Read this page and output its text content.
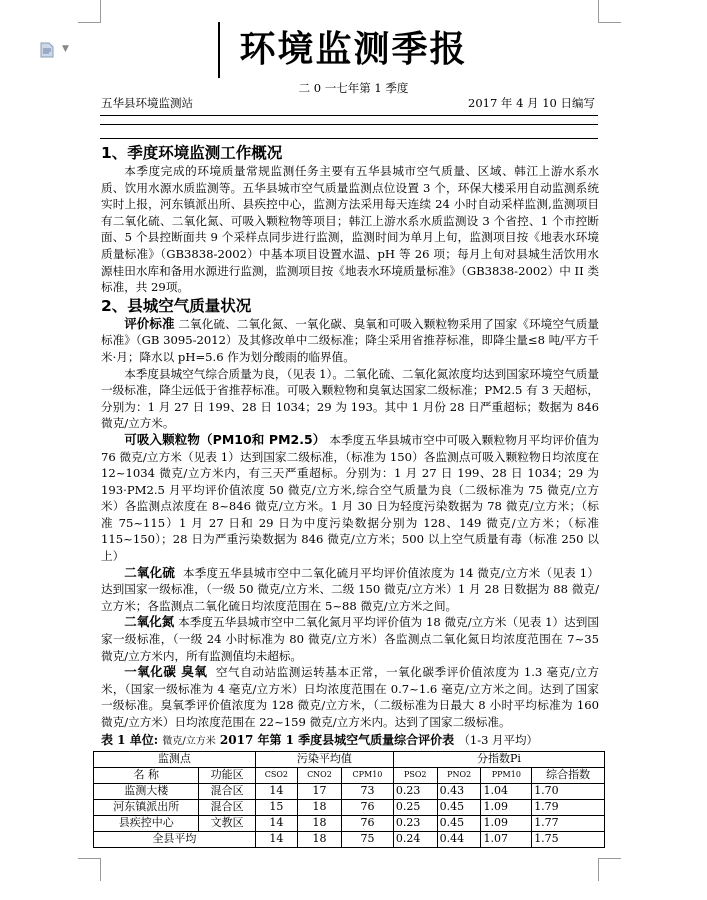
▼	环境监测季报
二 0 一七年第 1 季度
五华县环境监测站	2017 年 4 月 10 日编写
1、季度环境监测工作概况

本季度完成的环境质量常规监测任务主要有五华县城市空气质量、区域、韩江上游水系水质、饮用水源水质监测等。五华县城市空气质量监测点位设置 3 个，环保大楼采用自动监测系统实时上报，河东镇派出所、县疾控中心，监测方法采用每天连续 24 小时自动采样监测,监测项目有二氧化硫、二氧化氮、可吸入颗粒物等项目；韩江上游水系水质监测设 3 个省控、1 个市控断面、5 个县控断面共 9 个采样点同步进行监测，监测时间为单月上旬，监测项目按《地表水环境质量标准》（GB3838-2002）中基本项目设置水温、pH 等 26 项；每月上旬对县城生活饮用水源桂田水库和备用水源进行监测，监测项目按《地表水环境质量标准》（GB3838-2002）中 II 类标准，共 29项。

2、县城空气质量状况

评价标准 二氧化硫、二氧化氮、一氧化碳、臭氧和可吸入颗粒物采用了国家《环境空气质量标准》（GB 3095-2012）及其修改单中二级标准；降尘采用省推荐标准，即降尘量≤8 吨/平方千米·月；降水以 pH=5.6 作为划分酸雨的临界值。

本季度县城空气综合质量为良，（见表 1）。二氧化硫、二氧化氮浓度均达到国家环境空气质量一级标准，降尘远低于省推荐标准。可吸入颗粒物和臭氧达国家二级标准；PM2.5 有 3 天超标，分别为：1 月 27 日 199、28 日 1034；29 为 193。其中 1 月份 28 日严重超标；数据为 846 微克/立方米。

可吸入颗粒物（PM10和 PM2.5） 本季度五华县城市空中可吸入颗粒物月平均评价值为 76 微克/立方米（见表 1）达到国家二级标准，（标准为 150）各监测点可吸入颗粒物日均浓度在 12~1034 微克/立方米内，有三天严重超标。分别为：1 月 27 日 199、28 日 1034；29 为 193·PM2.5 月平均评价值浓度 50 微克/立方米,综合空气质量为良（二级标准为 75 微克/立方米）各监测点浓度在 8~846 微克/立方米。1 月 30 日为轻度污染数据为 78 微克/立方米；（标准 75~115）1 月 27 日和 29 日为中度污染数据分别为 128、149 微克/立方米；（标准 115~150）；28 日为严重污染数据为 846 微克/立方米；500 以上空气质量有毒（标准 250 以上）

二氧化硫 本季度五华县城市空中二氧化硫月平均评价值浓度为 14 微克/立方米（见表 1）达到国家一级标准，（一级 50 微克/立方米、二级 150 微克/立方米）1 月 28 日数据为 88 微克/立方米；各监测点二氧化硫日均浓度范围在 5~88 微克/立方米之间。

二氧化氮 本季度五华县城市空中二氧化氮月平均评价值为 18 微克/立方米（见表 1）达到国家一级标准，（一级 24 小时标准为 80 微克/立方米）各监测点二氧化氮日均浓度范围在 7~35 微克/立方米内，所有监测值均未超标。

一氧化碳 臭氧 空气自动站监测运转基本正常，一氧化碳季评价值浓度为 1.3 毫克/立方米，（国家一级标准为 4 毫克/立方米）日均浓度范围在 0.7~1.6 毫克/立方米之间。达到了国家一级标准。臭氧季评价值浓度为 128 微克/立方米，（二级标准为日最大 8 小时平均标准为 160 微克/立方米）日均浓度范围在 22~159 微克/立方米内。达到了国家二级标准。

表 1 单位: 微克/立方米 2017 年第 1 季度县城空气质量综合评价表 （1-3 月平均）
监测点		污染平均值			分指数Pi			
名 称	功能区	CSO2	CNO2	CPM10	PSO2	PNO2	PPM10	综合指数
监测大楼	混合区	14	17	73	0.23	0.43	1.04	1.70
河东镇派出所	混合区	15	18	76	0.25	0.45	1.09	1.79
县疾控中心	文教区	14	18	76	0.23	0.45	1.09	1.77
全县平均		14	18	75	0.24	0.44	1.07	1.75
